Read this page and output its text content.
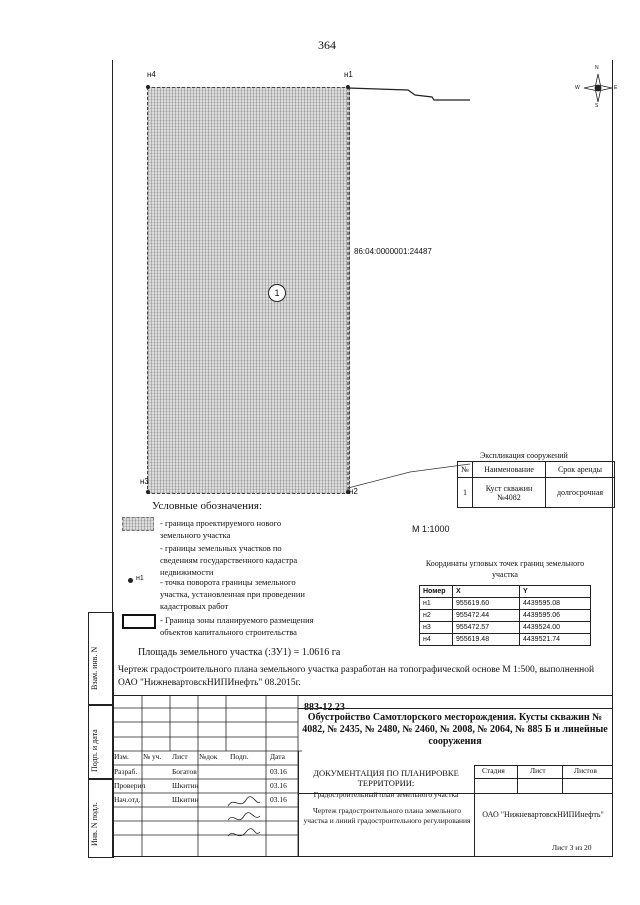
364
н4	н1
н2
н3
86:04:0000001:24487
1
N
S
W	E
Экспликация сооружений
№	Наименование	Срок аренды
1	Куст скважин №4082	долгосрочная
Условные обозначения:
- граница проектируемого нового земельного участка
- границы земельных участков по сведениям государственного кадастра недвижимости
н1 - точка поворота границы земельного участка, установленная при проведении кадастровых работ
- Граница зоны планируемого размещения объектов капитального строительства
М 1:1000
Координаты угловых точек границ земельного участка
Номер	X	Y
н1	955619.60	4439595.08
н2	955472.44	4439595.06
н3	955472.57	4439524.00
н4	955619.48	4439521.74
Площадь земельного участка (:ЗУ1) = 1.0616 га
Чертеж градостроительного плана земельного участка разработан на топографической основе М 1:500, выполненной ОАО "НижневартовскНИПИнефть" 08.2015г.
Взам. инв. N
Подп. и дата
Инв. N подл.
Изм. № уч. Лист №док Подп.	Дата
Разраб.	Богатов	03.16
Проверил	Шкитин	03.16
Нач.отд.	Шкитин	03.16
Обустройство Самотлорского месторождения. Кусты скважин № 4082, № 2435, № 2480, № 2460, № 2008, № 2064, № 885 Б и линейные сооружения
ДОКУМЕНТАЦИЯ ПО ПЛАНИРОВКЕ ТЕРРИТОРИИ:
Градостроительный план земельного участка
Чертеж градостроительного плана земельного участка и линий градостроительного регулирования
Стадия	Лист	Листов
ОАО "НижневартовскНИПИнефть"
Лист 3 из 20
